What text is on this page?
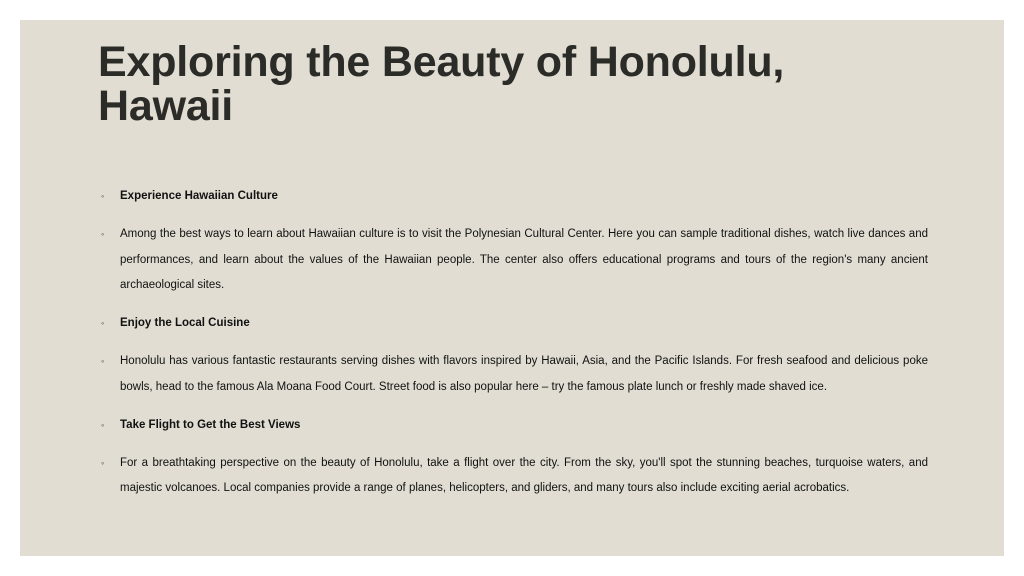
Exploring the Beauty of Honolulu, Hawaii
◦ Experience Hawaiian Culture
◦ Among the best ways to learn about Hawaiian culture is to visit the Polynesian Cultural Center. Here you can sample traditional dishes, watch live dances and performances, and learn about the values of the Hawaiian people. The center also offers educational programs and tours of the region's many ancient archaeological sites.
◦ Enjoy the Local Cuisine
◦ Honolulu has various fantastic restaurants serving dishes with flavors inspired by Hawaii, Asia, and the Pacific Islands. For fresh seafood and delicious poke bowls, head to the famous Ala Moana Food Court. Street food is also popular here – try the famous plate lunch or freshly made shaved ice.
◦ Take Flight to Get the Best Views
◦ For a breathtaking perspective on the beauty of Honolulu, take a flight over the city. From the sky, you'll spot the stunning beaches, turquoise waters, and majestic volcanoes. Local companies provide a range of planes, helicopters, and gliders, and many tours also include exciting aerial acrobatics.
